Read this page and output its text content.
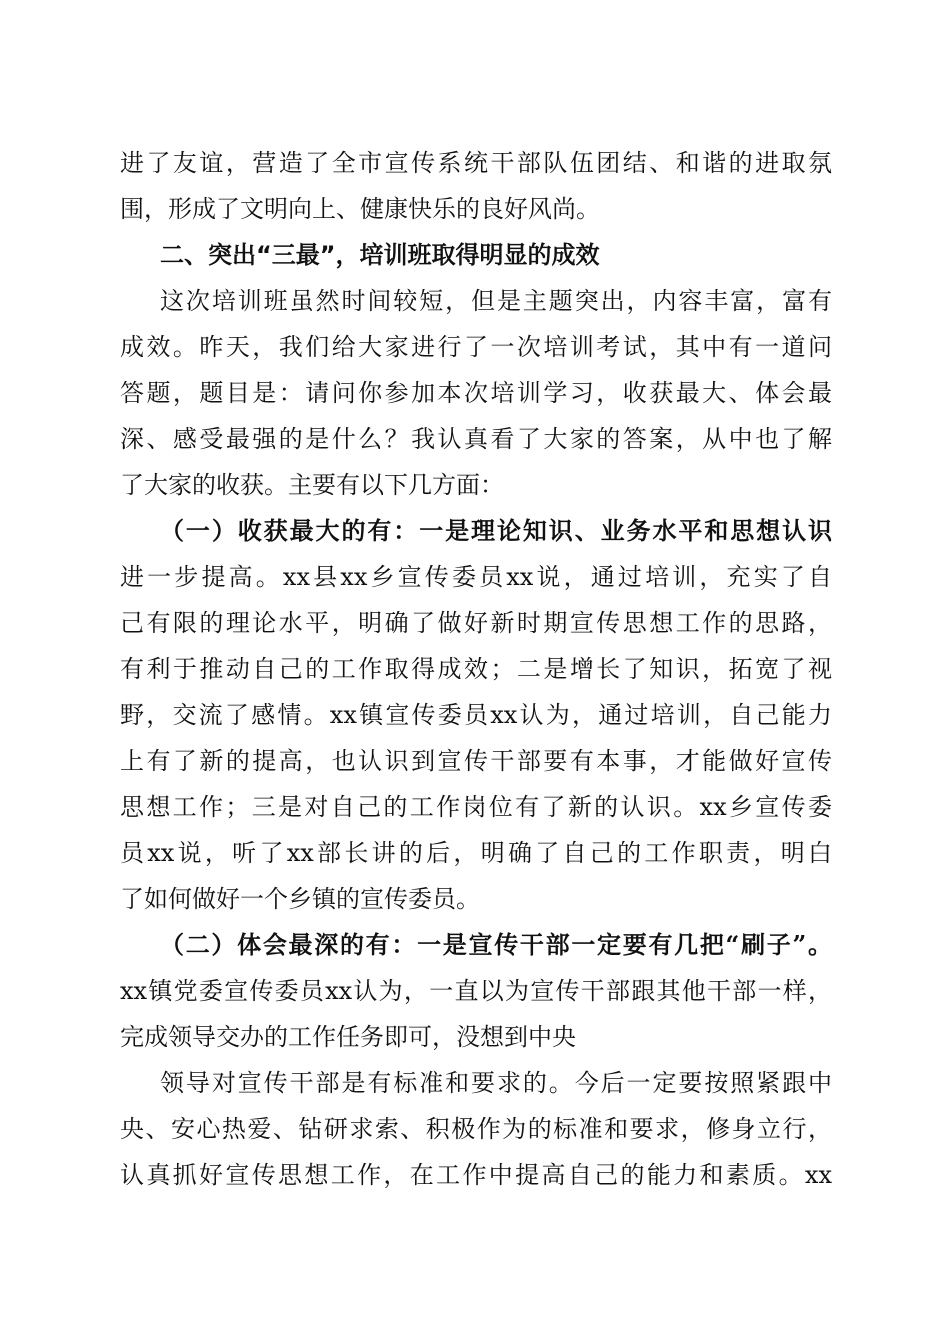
进了友谊，营造了全市宣传系统干部队伍团结、和谐的进取氛
围，形成了文明向上、健康快乐的良好风尚。
二、突出“三最”，培训班取得明显的成效
这次培训班虽然时间较短，但是主题突出，内容丰富，富有
成效。昨天，我们给大家进行了一次培训考试，其中有一道问
答题，题目是：请问你参加本次培训学习，收获最大、体会最
深、感受最强的是什么？我认真看了大家的答案，从中也了解
了大家的收获。主要有以下几方面：
（一）收获最大的有：一是理论知识、业务水平和思想认识
进一步提高。xx县xx乡宣传委员xx说，通过培训，充实了自
己有限的理论水平，明确了做好新时期宣传思想工作的思路，
有利于推动自己的工作取得成效；二是增长了知识，拓宽了视
野，交流了感情。xx镇宣传委员xx认为，通过培训，自己能力
上有了新的提高，也认识到宣传干部要有本事，才能做好宣传
思想工作；三是对自己的工作岗位有了新的认识。xx乡宣传委
员xx说，听了xx部长讲的后，明确了自己的工作职责，明白
了如何做好一个乡镇的宣传委员。
（二）体会最深的有：一是宣传干部一定要有几把“刷子”。
xx镇党委宣传委员xx认为，一直以为宣传干部跟其他干部一样，
完成领导交办的工作任务即可，没想到中央
领导对宣传干部是有标准和要求的。今后一定要按照紧跟中
央、安心热爱、钻研求索、积极作为的标准和要求，修身立行，
认真抓好宣传思想工作，在工作中提高自己的能力和素质。xx
